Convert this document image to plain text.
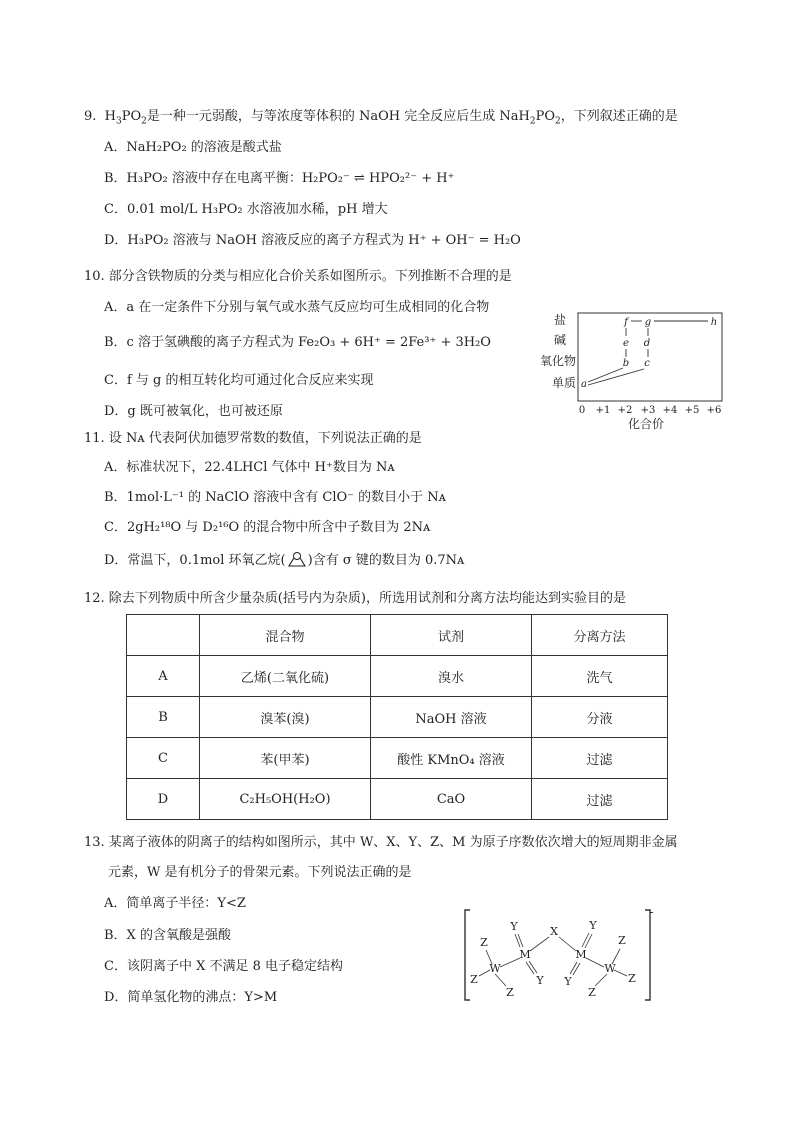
9. $H_3PO_2$是一种一元弱酸，与等浓度等体积的 NaOH 完全反应后生成 $NaH_2PO_2$，下列叙述正确的是
A．NaH₂PO₂ 的溶液是酸式盐
B．H₃PO₂ 溶液中存在电离平衡：H₂PO₂⁻ ⇌ HPO₂²⁻ + H⁺
C．0.01 mol/L H₃PO₂ 水溶液加水稀，pH 增大
D．H₃PO₂ 溶液与 NaOH 溶液反应的离子方程式为 H⁺ + OH⁻ = H₂O
10. 部分含铁物质的分类与相应化合价关系如图所示。下列推断不合理的是
A．a 在一定条件下分别与氧气或水蒸气反应均可生成相同的化合物
B．c 溶于氢碘酸的离子方程式为 Fe₂O₃ + 6H⁺ = 2Fe³⁺ + 3H₂O
C．f 与 g 的相互转化均可通过化合反应来实现
D．g 既可被氧化，也可被还原
盐
碱
氧化物
单质
0 +1 +2 +3 +4 +5 +6
化合价
a
b c
d
e
f g	h
11. 设 Nᴀ 代表阿伏加德罗常数的数值，下列说法正确的是
A．标准状况下，22.4LHCl 气体中 H⁺数目为 Nᴀ
B．1mol·L⁻¹ 的 NaClO 溶液中含有 ClO⁻ 的数目小于 Nᴀ
C．2gH₂¹⁸O 与 D₂¹⁶O 的混合物中所含中子数目为 2Nᴀ
D．常温下，0.1mol 环氧乙烷( )含有 σ 键的数目为 0.7Nᴀ
12. 除去下列物质中所含少量杂质(括号内为杂质)，所选用试剂和分离方法均能达到实验目的是
	混合物	试剂	分离方法
A	乙烯(二氧化硫)	溴水	洗气
B	溴苯(溴)	NaOH 溶液	分液
C	苯(甲苯)	酸性 KMnO₄ 溶液	过滤
D	C₂H₅OH(H₂O)	CaO	过滤
13. 某离子液体的阴离子的结构如图所示，其中 W、X、Y、Z、M 为原子序数依次增大的短周期非金属
元素，W 是有机分子的骨架元素。下列说法正确的是
A．简单离子半径：Y<Z
B．X 的含氧酸是强酸
C．该阴离子中 X 不满足 8 电子稳定结构
D．简单氢化物的沸点：Y>M
-
W
M
X
M
W
Y
Y
Y
Y
Z
Z
Z
Z
Z
Z
